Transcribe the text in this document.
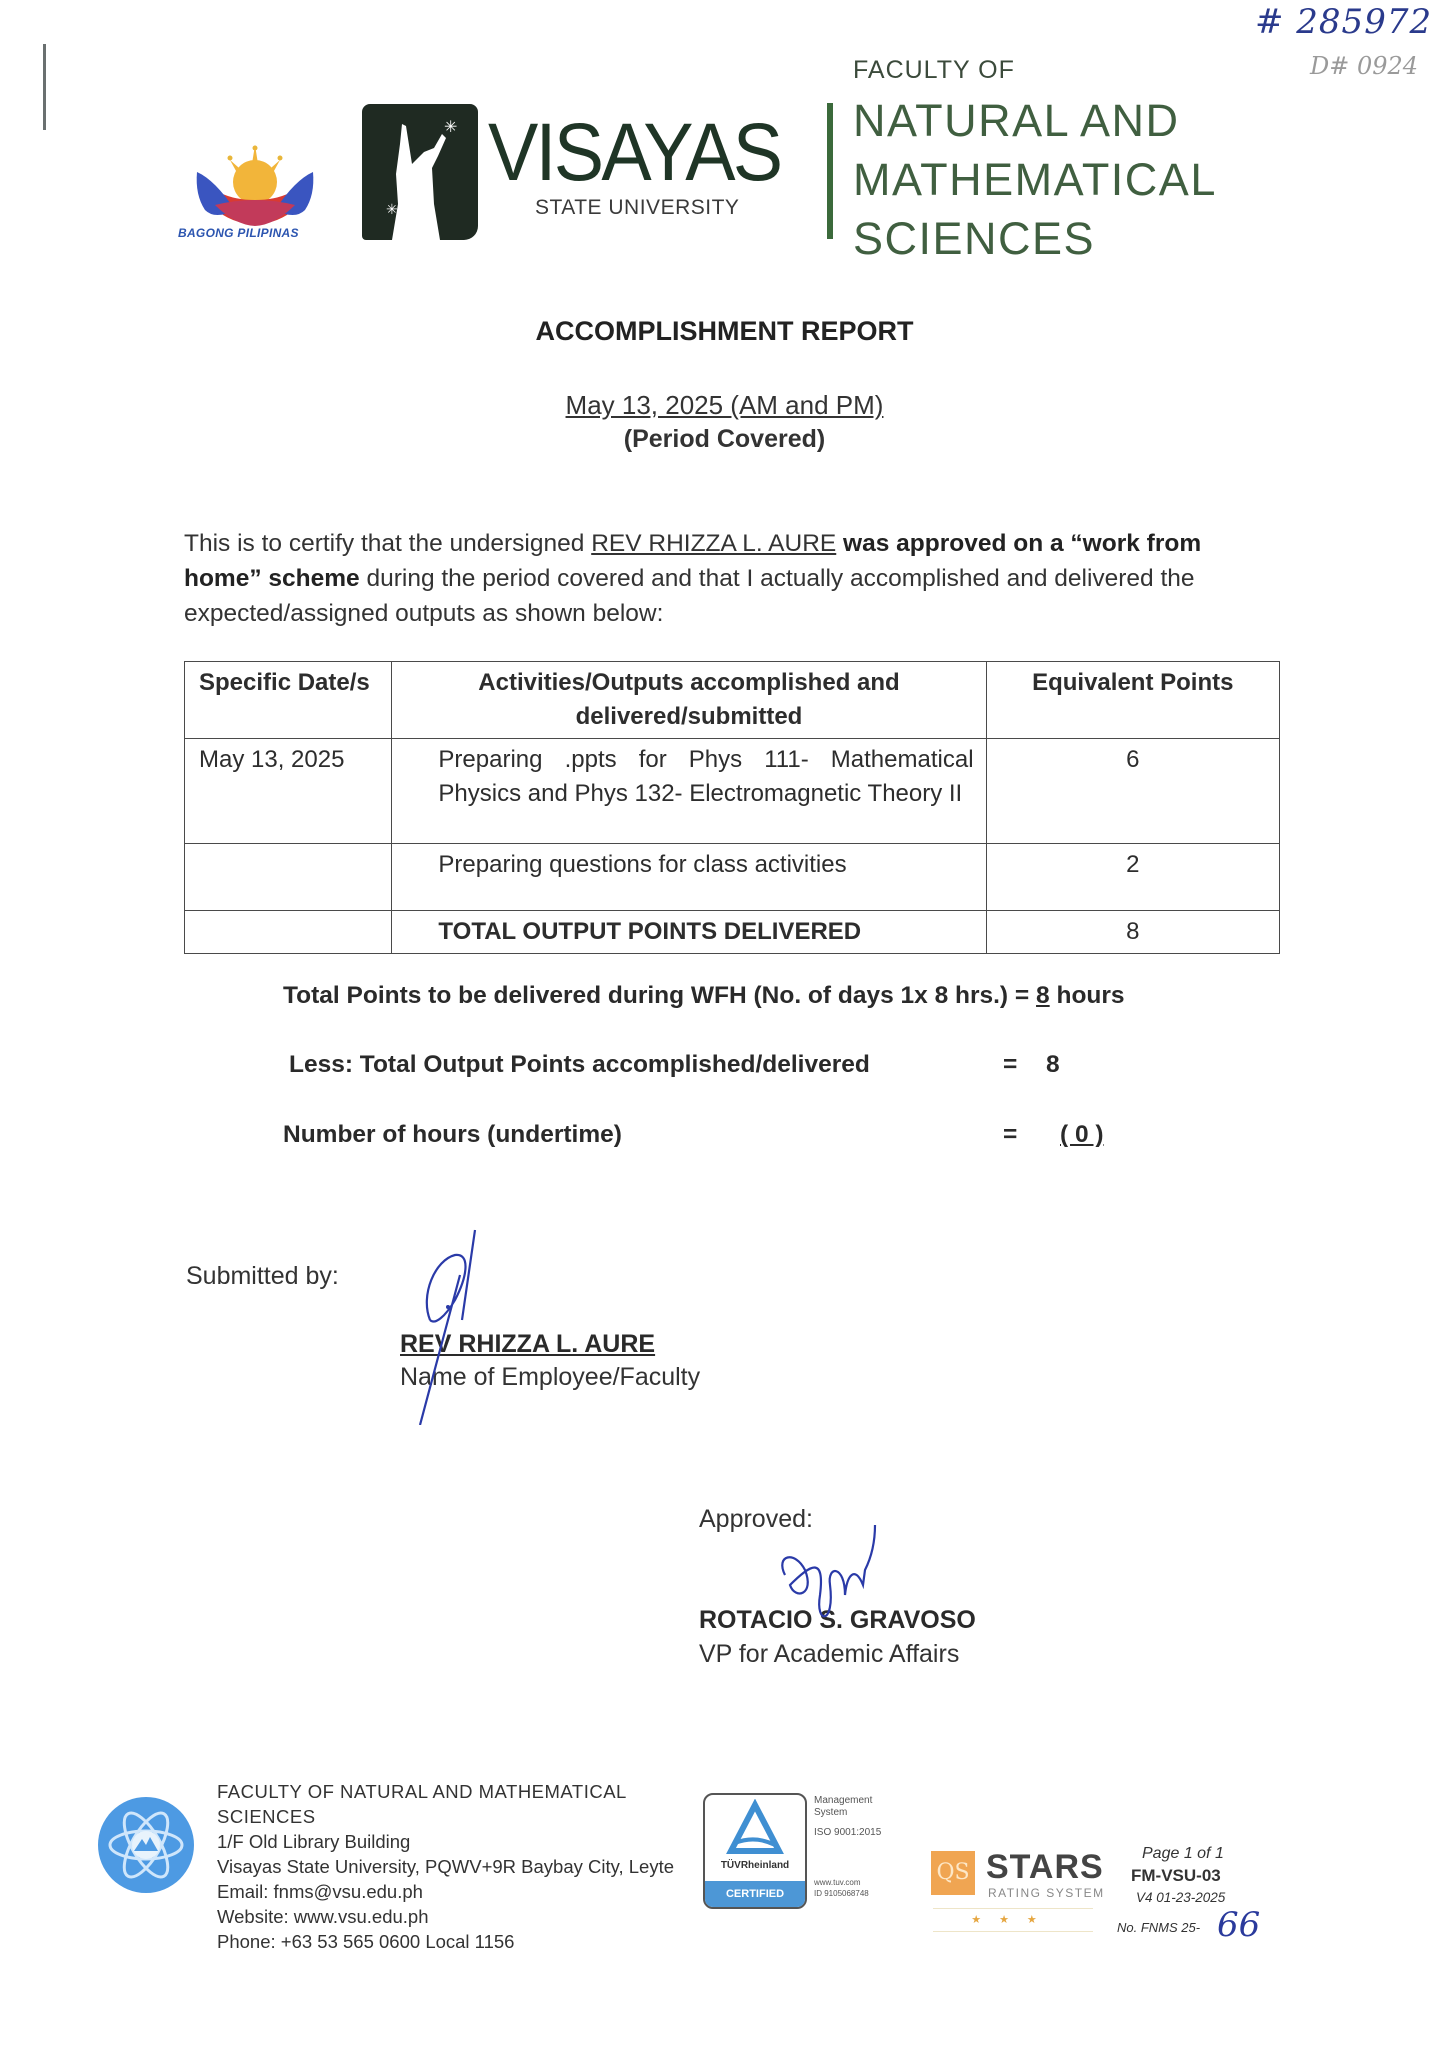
# 285972
D# 0924
BAGONG PILIPINAS
✳
✳
VISAYAS
STATE UNIVERSITY
FACULTY OF
NATURAL AND
MATHEMATICAL
SCIENCES
ACCOMPLISHMENT REPORT
May 13, 2025 (AM and PM)
(Period Covered)
This is to certify that the undersigned REV RHIZZA L. AURE was approved on a “work from home” scheme during the period covered and that I actually accomplished and delivered the expected/assigned outputs as shown below:
Specific Date/s	Activities/Outputs accomplished and delivered/submitted	Equivalent Points
May 13, 2025	Preparing .ppts for Phys 111- Mathematical Physics and Phys 132- Electromagnetic Theory II	6
	Preparing questions for class activities	2
	TOTAL OUTPUT POINTS DELIVERED	8
Total Points to be delivered during WFH (No. of days 1x 8 hrs.) = 8 hours
Less: Total Output Points accomplished/delivered	= 8
Number of hours (undertime)	= ( 0 )
Submitted by:
REV RHIZZA L. AURE
Name of Employee/Faculty
Approved:
ROTACIO S. GRAVOSO
VP for Academic Affairs
FACULTY OF NATURAL AND MATHEMATICAL
SCIENCES
1/F Old Library Building
Visayas State University, PQWV+9R Baybay City, Leyte
Email: fnms@vsu.edu.ph
Website: www.vsu.edu.ph
Phone: +63 53 565 0600 Local 1156
TÜVRheinland
CERTIFIED
Management
System
ISO 9001:2015
www.tuv.com
ID 9105068748
QS STARS
RATING SYSTEM
★★★
Page 1 of 1
FM-VSU-03
V4 01-23-2025
No. FNMS 25- 66
